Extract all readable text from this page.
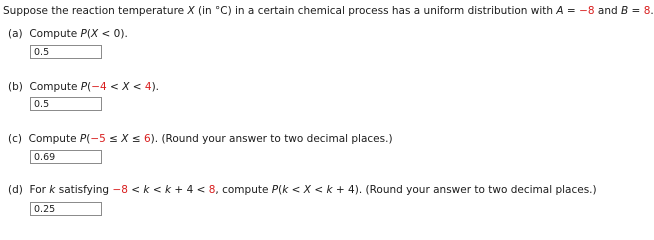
Suppose the reaction temperature X (in °C) in a certain chemical process has a uniform distribution with A = −8 and B = 8.
(a) Compute P(X < 0).
0.5
(b) Compute P(−4 < X < 4).
0.5
(c) Compute P(−5 ≤ X ≤ 6). (Round your answer to two decimal places.)
0.69
(d) For k satisfying −8 < k < k + 4 < 8, compute P(k < X < k + 4). (Round your answer to two decimal places.)
0.25
